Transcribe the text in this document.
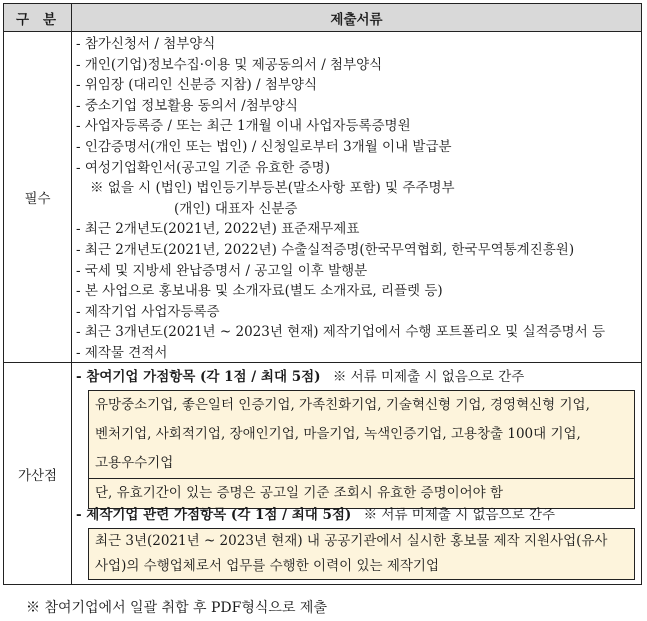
구분	제출서류
필수
- 참가신청서 / 첨부양식
- 개인(기업)정보수집·이용 및 제공동의서 / 첨부양식
- 위임장 (대리인 신분증 지참) / 첨부양식
- 중소기업 정보활용 동의서 /첨부양식
- 사업자등록증 / 또는 최근 1개월 이내 사업자등록증명원
- 인감증명서(개인 또는 법인) / 신청일로부터 3개월 이내 발급분
- 여성기업확인서(공고일 기준 유효한 증명)
※ 없을 시 (법인) 법인등기부등본(말소사항 포함) 및 주주명부
(개인) 대표자 신분증
- 최근 2개년도(2021년, 2022년) 표준재무제표
- 최근 2개년도(2021년, 2022년) 수출실적증명(한국무역협회, 한국무역통계진흥원)
- 국세 및 지방세 완납증명서 / 공고일 이후 발행분
- 본 사업으로 홍보내용 및 소개자료(별도 소개자료, 리플렛 등)
- 제작기업 사업자등록증
- 최근 3개년도(2021년 ~ 2023년 현재) 제작기업에서 수행 포트폴리오 및 실적증명서 등
- 제작물 견적서
가산점
- 참여기업 가점항목 (각 1점 / 최대 5점) ※ 서류 미제출 시 없음으로 간주
유망중소기업, 좋은일터 인증기업, 가족친화기업, 기술혁신형 기업, 경영혁신형 기업,
벤처기업, 사회적기업, 장애인기업, 마을기업, 녹색인증기업, 고용창출 100대 기업,
고용우수기업
단, 유효기간이 있는 증명은 공고일 기준 조회시 유효한 증명이어야 함
- 제작기업 관련 가점항목 (각 1점 / 최대 5점) ※ 서류 미제출 시 없음으로 간주
최근 3년(2021년 ~ 2023년 현재) 내 공공기관에서 실시한 홍보물 제작 지원사업(유사
사업)의 수행업체로서 업무를 수행한 이력이 있는 제작기업
※ 참여기업에서 일괄 취합 후 PDF형식으로 제출
